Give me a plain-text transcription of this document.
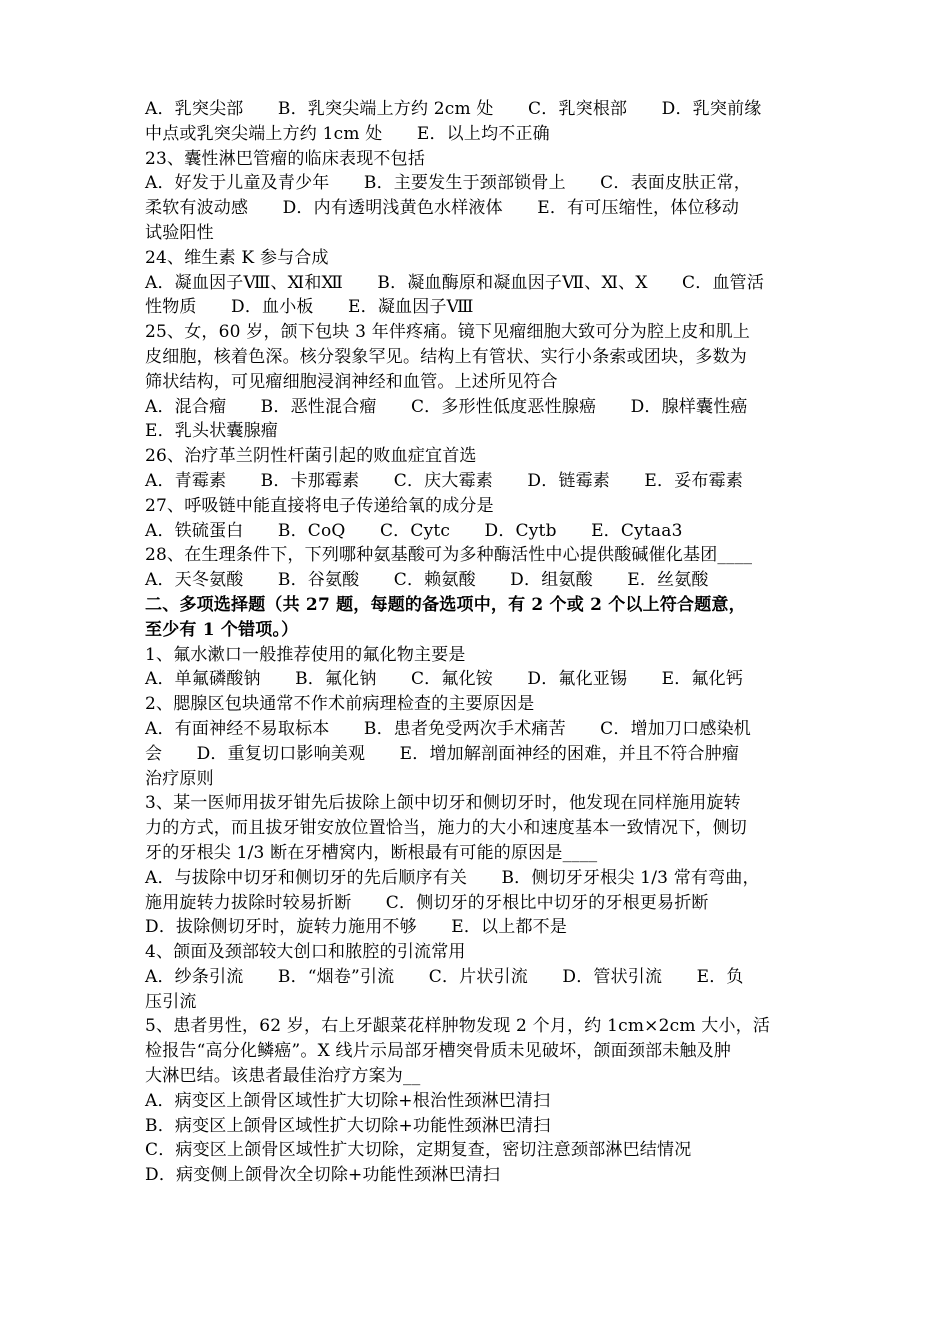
A．乳突尖部　　B．乳突尖端上方约 2cm 处　　C．乳突根部　　D．乳突前缘
中点或乳突尖端上方约 1cm 处　　E．以上均不正确
23、囊性淋巴管瘤的临床表现不包括
A．好发于儿童及青少年　　B．主要发生于颈部锁骨上　　C．表面皮肤正常，
柔软有波动感　　D．内有透明浅黄色水样液体　　E．有可压缩性，体位移动
试验阳性
24、维生素 K 参与合成
A．凝血因子Ⅷ、Ⅺ和Ⅻ　　B．凝血酶原和凝血因子Ⅶ、Ⅺ、Ⅹ　　C．血管活
性物质　　D．血小板　　E．凝血因子Ⅷ
25、女，60 岁，颌下包块 3 年伴疼痛。镜下见瘤细胞大致可分为腔上皮和肌上
皮细胞，核着色深。核分裂象罕见。结构上有管状、实行小条索或团块，多数为
筛状结构，可见瘤细胞浸润神经和血管。上述所见符合
A．混合瘤　　B．恶性混合瘤　　C．多形性低度恶性腺癌　　D．腺样囊性癌
E．乳头状囊腺瘤
26、治疗革兰阴性杆菌引起的败血症宜首选
A．青霉素　　B．卡那霉素　　C．庆大霉素　　D．链霉素　　E．妥布霉素
27、呼吸链中能直接将电子传递给氧的成分是
A．铁硫蛋白　　B．CoQ　　C．Cytc　　D．Cytb　　E．Cytaa3
28、在生理条件下，下列哪种氨基酸可为多种酶活性中心提供酸碱催化基团____
A．天冬氨酸　　B．谷氨酸　　C．赖氨酸　　D．组氨酸　　E．丝氨酸
二、多项选择题（共 27 题，每题的备选项中，有 2 个或 2 个以上符合题意，
至少有 1 个错项。）
1、氟水漱口一般推荐使用的氟化物主要是
A．单氟磷酸钠　　B．氟化钠　　C．氟化铵　　D．氟化亚锡　　E．氟化钙
2、腮腺区包块通常不作术前病理检查的主要原因是
A．有面神经不易取标本　　B．患者免受两次手术痛苦　　C．增加刀口感染机
会　　D．重复切口影响美观　　E．增加解剖面神经的困难，并且不符合肿瘤
治疗原则
3、某一医师用拔牙钳先后拔除上颌中切牙和侧切牙时，他发现在同样施用旋转
力的方式，而且拔牙钳安放位置恰当，施力的大小和速度基本一致情况下，侧切
牙的牙根尖 1/3 断在牙槽窝内，断根最有可能的原因是____
A．与拔除中切牙和侧切牙的先后顺序有关　　B．侧切牙牙根尖 1/3 常有弯曲，
施用旋转力拔除时较易折断　　C．侧切牙的牙根比中切牙的牙根更易折断
D．拔除侧切牙时，旋转力施用不够　　E．以上都不是
4、颌面及颈部较大创口和脓腔的引流常用
A．纱条引流　　B．“烟卷”引流　　C．片状引流　　D．管状引流　　E．负
压引流
5、患者男性，62 岁，右上牙龈菜花样肿物发现 2 个月，约 1cm×2cm 大小，活
检报告“高分化鳞癌”。X 线片示局部牙槽突骨质未见破坏，颌面颈部未触及肿
大淋巴结。该患者最佳治疗方案为__
A．病变区上颌骨区域性扩大切除+根治性颈淋巴清扫
B．病变区上颌骨区域性扩大切除+功能性颈淋巴清扫
C．病变区上颌骨区域性扩大切除，定期复查，密切注意颈部淋巴结情况
D．病变侧上颌骨次全切除+功能性颈淋巴清扫
